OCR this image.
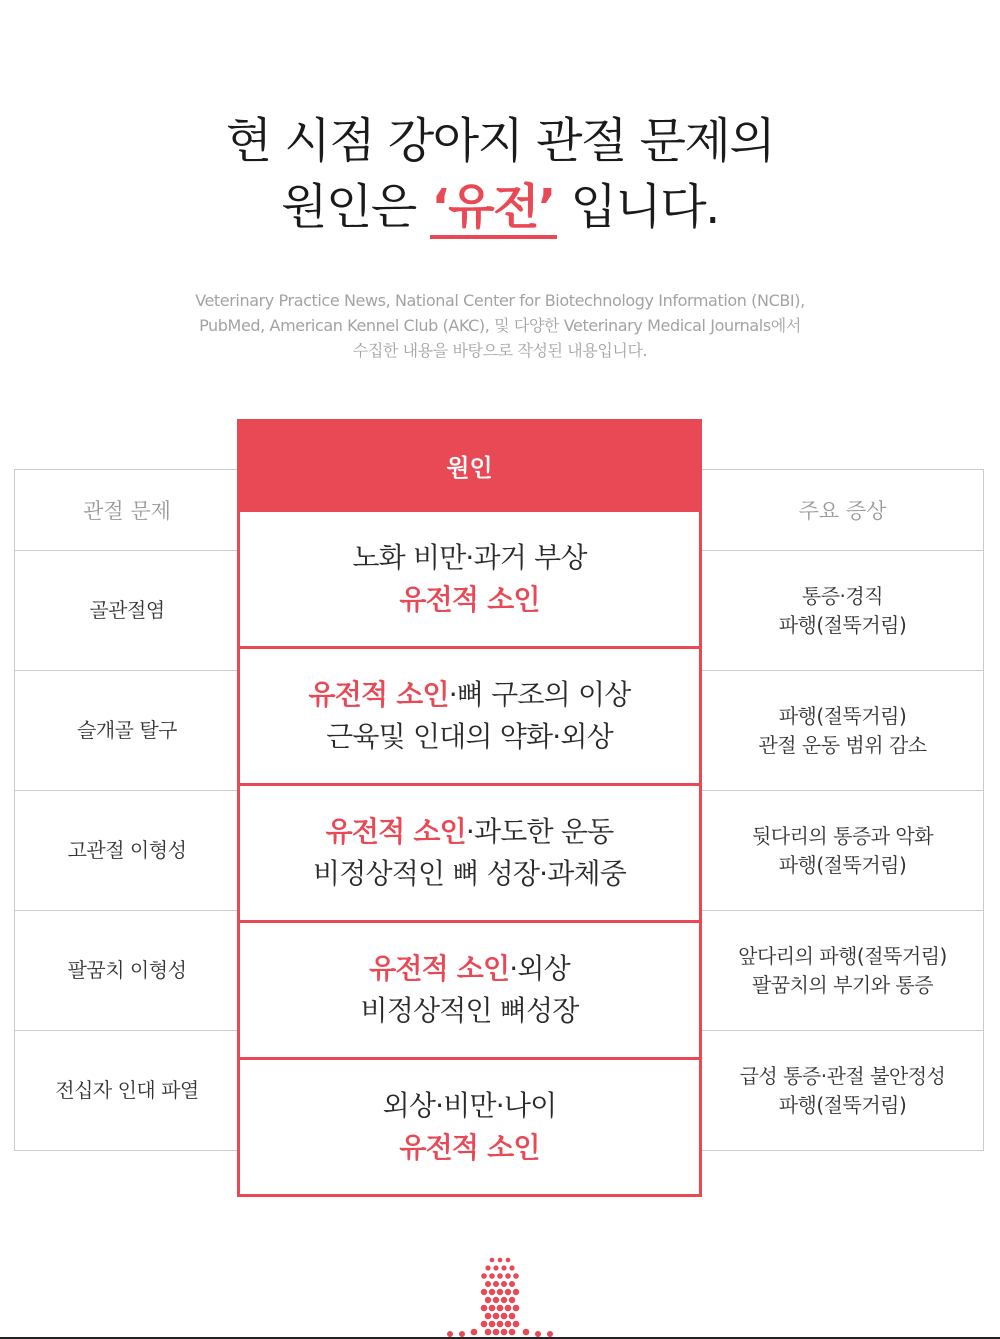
현 시점 강아지 관절 문제의
원인은 ‘유전’ 입니다.

Veterinary Practice News, National Center for Biotechnology Information (NCBI),

PubMed, American Kennel Club (AKC), 및 다양한 Veterinary Medical Journals에서

수집한 내용을 바탕으로 작성된 내용입니다.

관절 문제
골관절염
슬개골 탈구
고관절 이형성
팔꿈치 이형성
전십자 인대 파열
원인
노화 비만·과거 부상
유전적 소인
유전적 소인·뼈 구조의 이상
근육및 인대의 약화·외상
유전적 소인·과도한 운동
비정상적인 뼈 성장·과체중
유전적 소인·외상
비정상적인 뼈성장
외상·비만·나이
유전적 소인
주요 증상
통증·경직
파행(절뚝거림)
파행(절뚝거림)
관절 운동 범위 감소
뒷다리의 통증과 악화
파행(절뚝거림)
앞다리의 파행(절뚝거림)
팔꿈치의 부기와 통증
급성 통증·관절 불안정성
파행(절뚝거림)
